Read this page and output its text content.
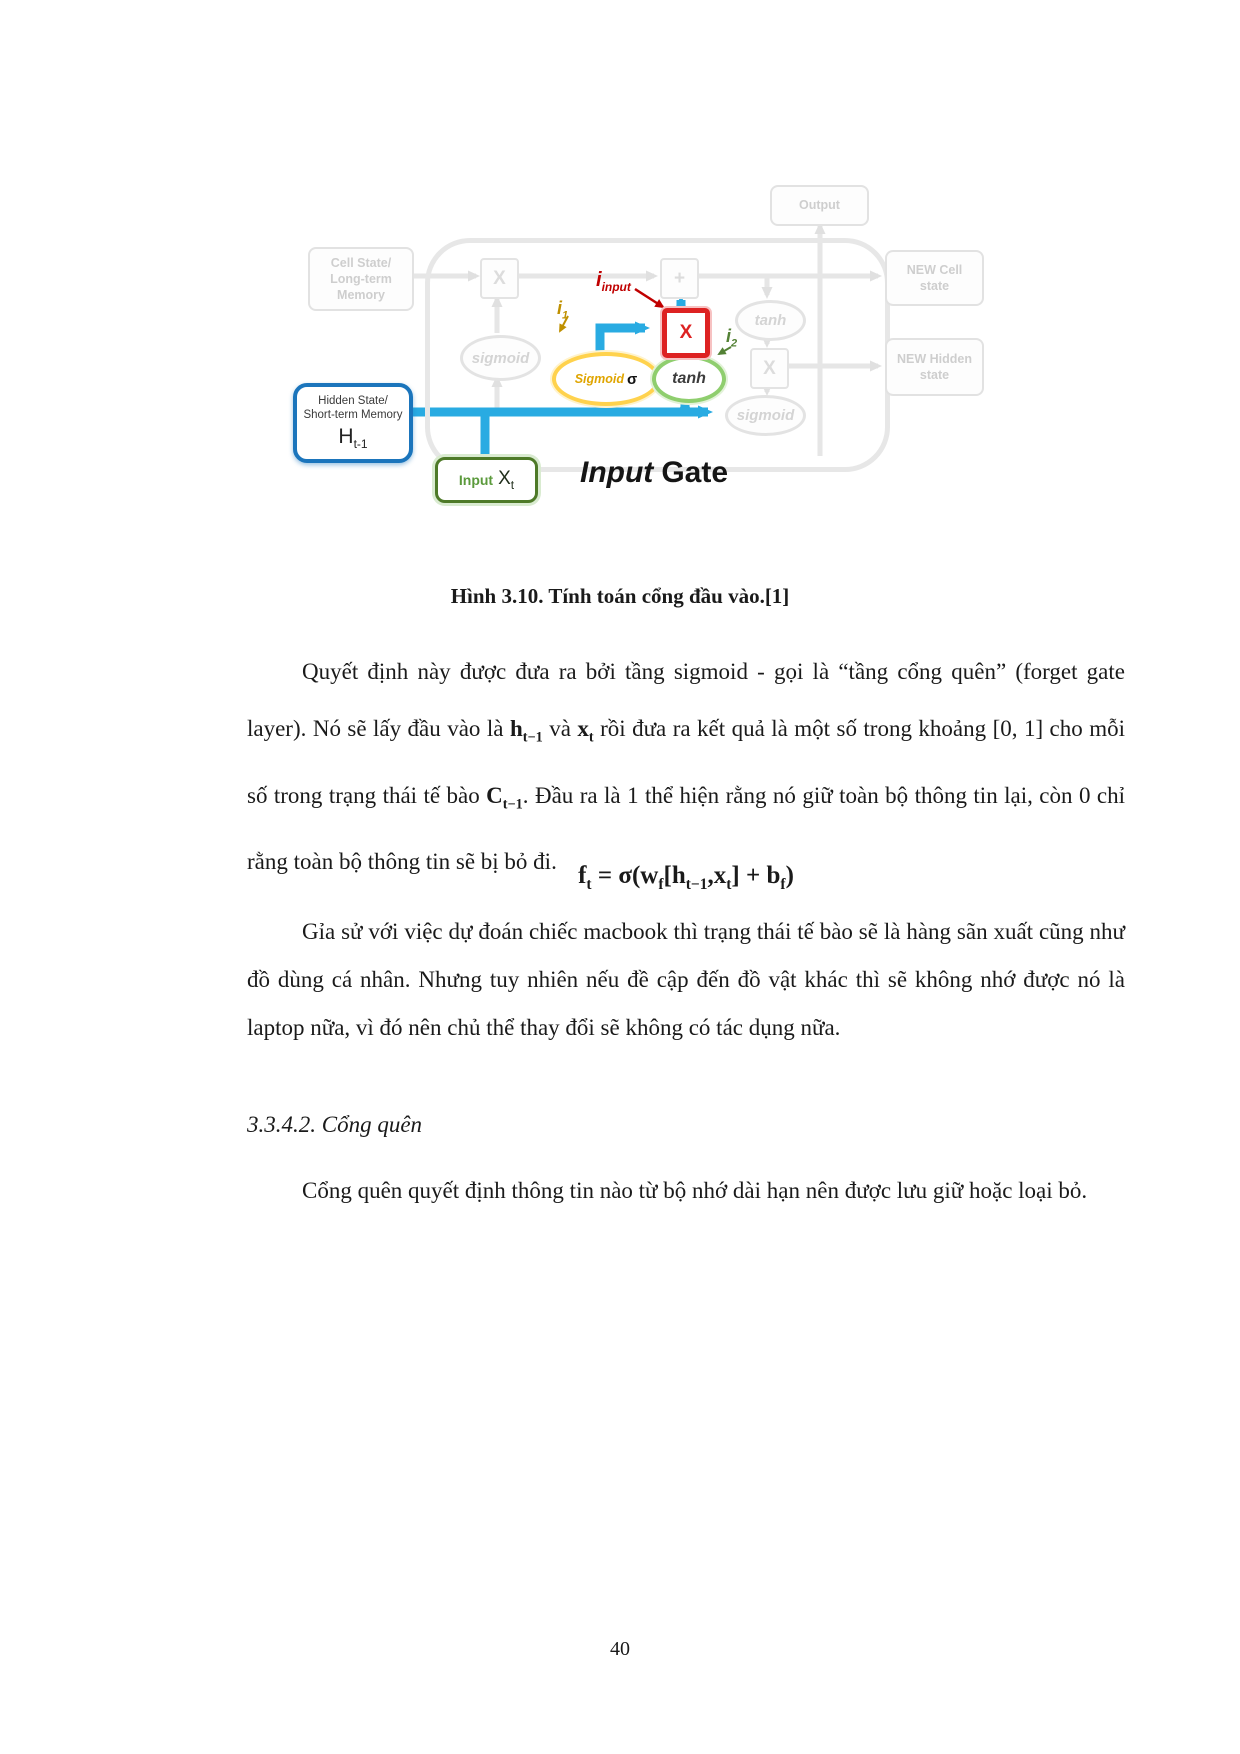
Output
Cell State/
Long-term
Memory
NEW Cell
state
NEW Hidden
state
X	+
X
sigmoid
tanh
sigmoid
Hidden State/
Short-term Memory
$H_{t-1}$
Input $X_t$
Sigmoid σ tanh
X
$i_{input}$
$i_1$
$i_2$
Input Gate
Hình 3.10. Tính toán cổng đầu vào.[1]

Quyết định này được đưa ra bởi tầng sigmoid - gọi là “tầng cổng quên” (forget gate layer). Nó sẽ lấy đầu vào là $h_{t-1}$ và $x_t$ rồi đưa ra kết quả là một số trong khoảng [0, 1] cho mỗi số trong trạng thái tế bào $C_{t-1}$. Đầu ra là 1 thể hiện rằng nó giữ toàn bộ thông tin lại, còn 0 chỉ rằng toàn bộ thông tin sẽ bị bỏ đi.

$f_t = \sigma(w_f[h_{t-1},x_t] + b_f)$

Gỉa sử với việc dự đoán chiếc macbook thì trạng thái tế bào sẽ là hàng sãn xuất cũng như đồ dùng cá nhân. Nhưng tuy nhiên nếu đề cập đến đồ vật khác thì sẽ không nhớ được nó là laptop nữa, vì đó nên chủ thể thay đổi sẽ không có tác dụng nữa.

3.3.4.2. Cổng quên

Cổng quên quyết định thông tin nào từ bộ nhớ dài hạn nên được lưu giữ hoặc loại bỏ.

40
